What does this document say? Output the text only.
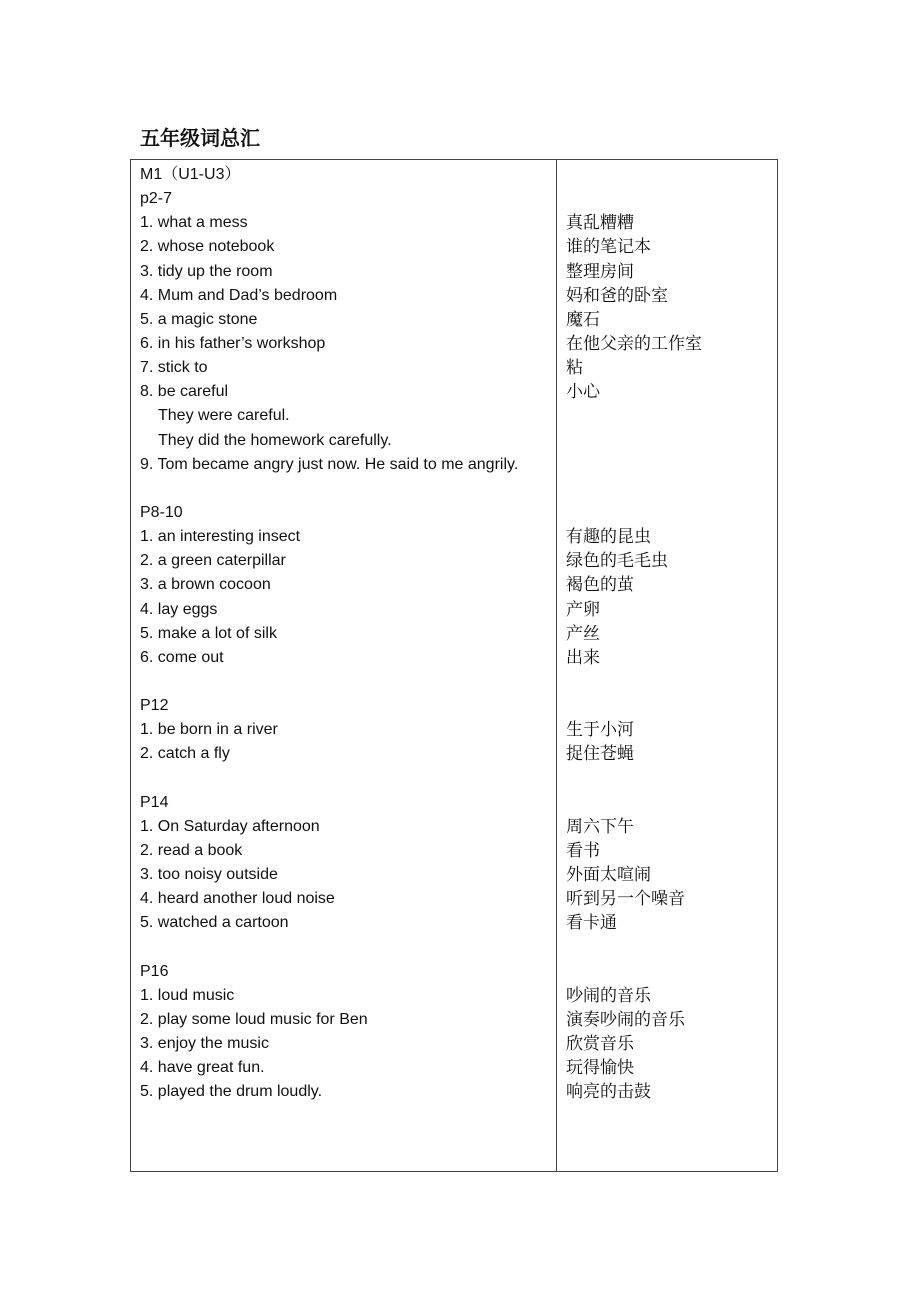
五年级词总汇
M1（U1-U3）
p2-7
1. what a mess
2. whose notebook
3. tidy up the room
4. Mum and Dad’s bedroom
5. a magic stone
6. in his father’s workshop
7. stick to
8. be careful
They were careful.
They did the homework carefully.
9. Tom became angry just now. He said to me angrily.
P8-10
1. an interesting insect
2. a green caterpillar
3. a brown cocoon
4. lay eggs
5. make a lot of silk
6. come out
P12
1. be born in a river
2. catch a fly
P14
1. On Saturday afternoon
2. read a book
3. too noisy outside
4. heard another loud noise
5. watched a cartoon
P16
1. loud music
2. play some loud music for Ben
3. enjoy the music
4. have great fun.
5. played the drum loudly.
真乱糟糟
谁的笔记本
整理房间
妈和爸的卧室
魔石
在他父亲的工作室
粘
小心
有趣的昆虫
绿色的毛毛虫
褐色的茧
产卵
产丝
出来
生于小河
捉住苍蝇
周六下午
看书
外面太喧闹
听到另一个噪音
看卡通
吵闹的音乐
演奏吵闹的音乐
欣赏音乐
玩得愉快
响亮的击鼓
